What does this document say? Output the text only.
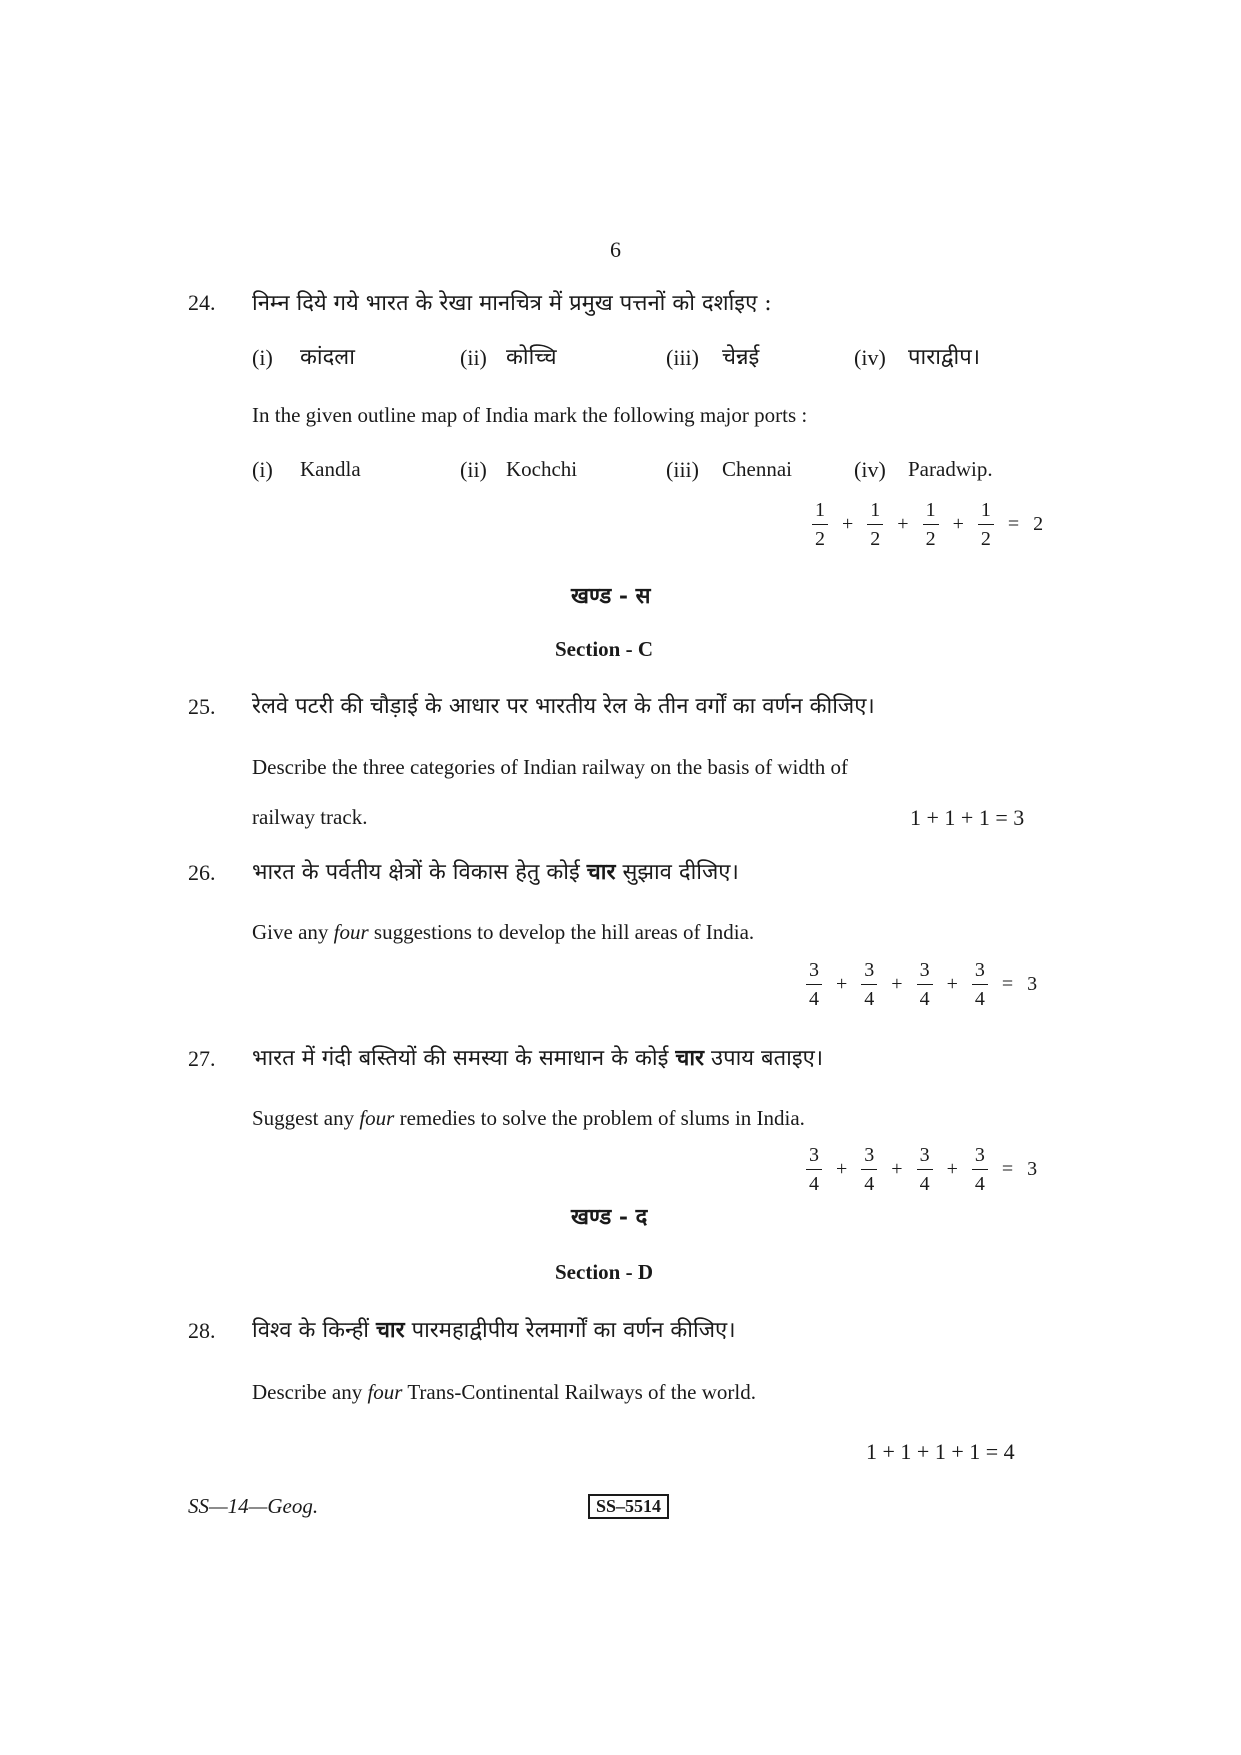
6
24. निम्न दिये गये भारत के रेखा मानचित्र में प्रमुख पत्तनों को दर्शाइए :
(i) कांदला	(ii) कोच्चि	(iii) चेन्नई	(iv) पाराद्वीप।
In the given outline map of India mark the following major ports :
(i) Kandla	(ii) Kochchi	(iii) Chennai	(iv) Paradwip.
$\frac{1}{2} + \frac{1}{2} + \frac{1}{2} + \frac{1}{2} = 2$
खण्ड - स
Section - C
25. रेलवे पटरी की चौड़ाई के आधार पर भारतीय रेल के तीन वर्गों का वर्णन कीजिए।
Describe the three categories of Indian railway on the basis of width of
railway track.	1 + 1 + 1 = 3
26. भारत के पर्वतीय क्षेत्रों के विकास हेतु कोई चार सुझाव दीजिए।
Give any four suggestions to develop the hill areas of India.
$\frac{3}{4} + \frac{3}{4} + \frac{3}{4} + \frac{3}{4} = 3$
27. भारत में गंदी बस्तियों की समस्या के समाधान के कोई चार उपाय बताइए।
Suggest any four remedies to solve the problem of slums in India.
$\frac{3}{4} + \frac{3}{4} + \frac{3}{4} + \frac{3}{4} = 3$
खण्ड - द
Section - D
28. विश्व के किन्हीं चार पारमहाद्वीपीय रेलमार्गों का वर्णन कीजिए।
Describe any four Trans-Continental Railways of the world.
1 + 1 + 1 + 1 = 4
SS—14—Geog.	SS–5514
